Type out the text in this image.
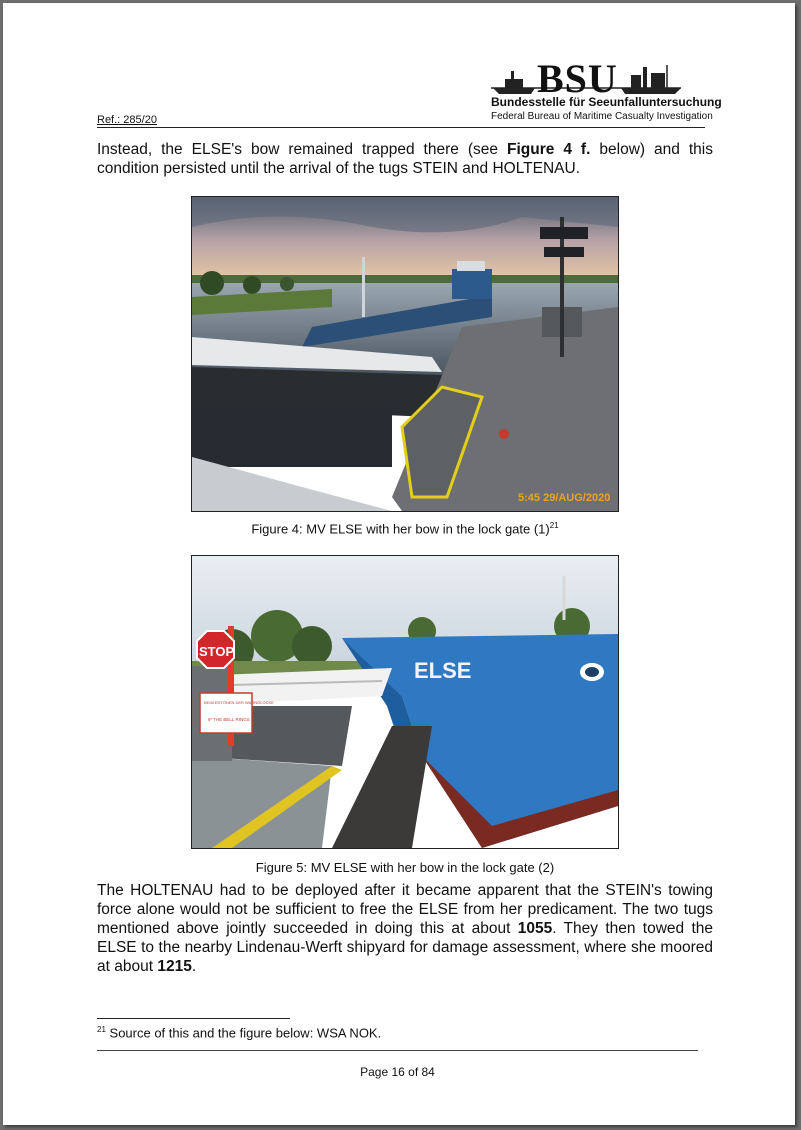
BSU
Bundesstelle für Seeunfalluntersuchung
Federal Bureau of Maritime Casualty Investigation
Ref.: 285/20

Instead, the ELSE's bow remained trapped there (see Figure 4 f. below) and this condition persisted until the arrival of the tugs STEIN and HOLTENAU.

5:45 29/AUG/2020
Figure 4: MV ELSE with her bow in the lock gate $(1)^{21}$
ELSE
STOP
BEIM ERTÖNEN DER WARNGLOCKE
IF THE BELL RINGS
Figure 5: MV ELSE with her bow in the lock gate (2)

The HOLTENAU had to be deployed after it became apparent that the STEIN's towing force alone would not be sufficient to free the ELSE from her predicament. The two tugs mentioned above jointly succeeded in doing this at about 1055. They then towed the ELSE to the nearby Lindenau-Werft shipyard for damage assessment, where she moored at about 1215.

$^{21}$ Source of this and the figure below: WSA NOK.
Page 16 of 84
